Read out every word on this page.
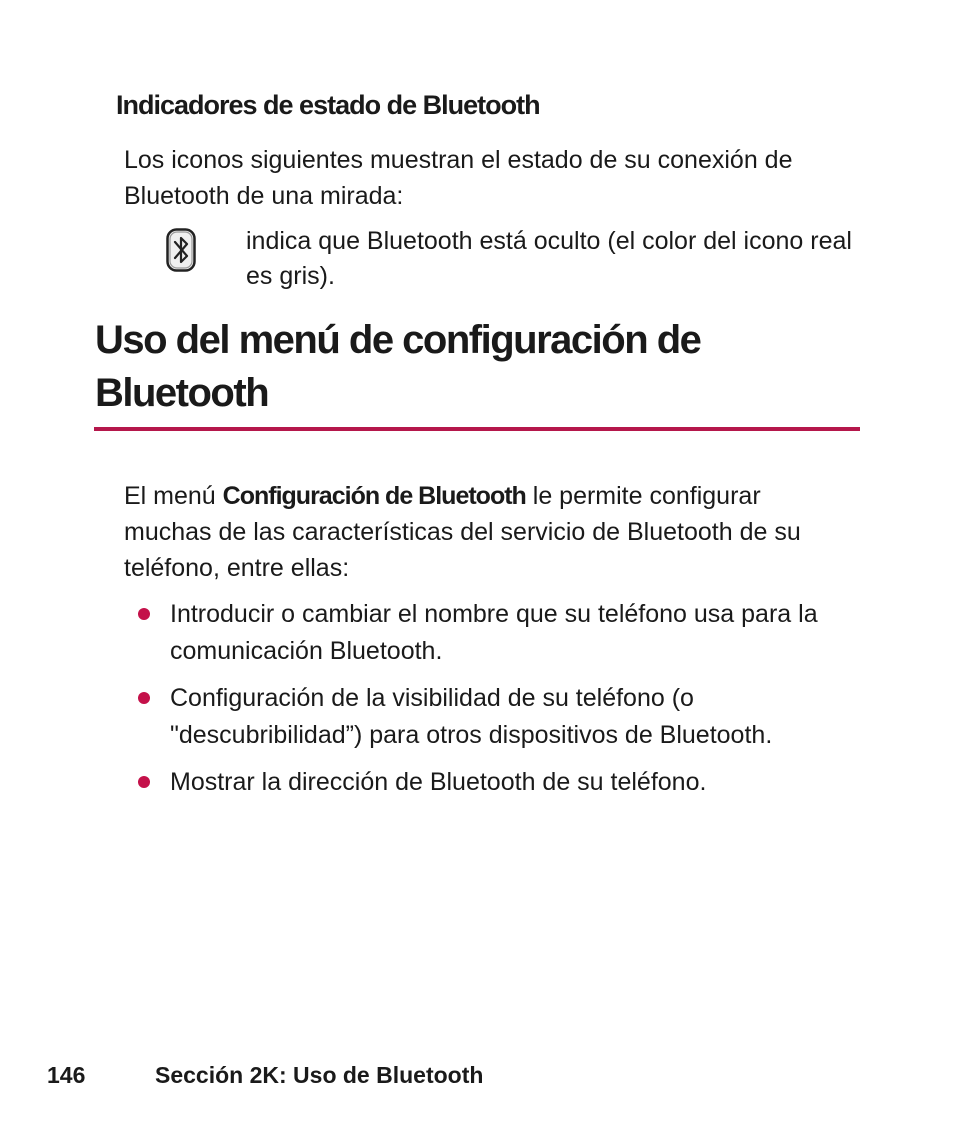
Indicadores de estado de Bluetooth

Los iconos siguientes muestran el estado de su conexión de Bluetooth de una mirada:

indica que Bluetooth está oculto (el color del icono real es gris).

Uso del menú de configuración de Bluetooth

El menú Configuración de Bluetooth le permite configurar muchas de las características del servicio de Bluetooth de su teléfono, entre ellas:

Introducir o cambiar el nombre que su teléfono usa para la comunicación Bluetooth.
Configuración de la visibilidad de su teléfono (o "descubribilidad”) para otros dispositivos de Bluetooth.
Mostrar la dirección de Bluetooth de su teléfono.
146	Sección 2K: Uso de Bluetooth
